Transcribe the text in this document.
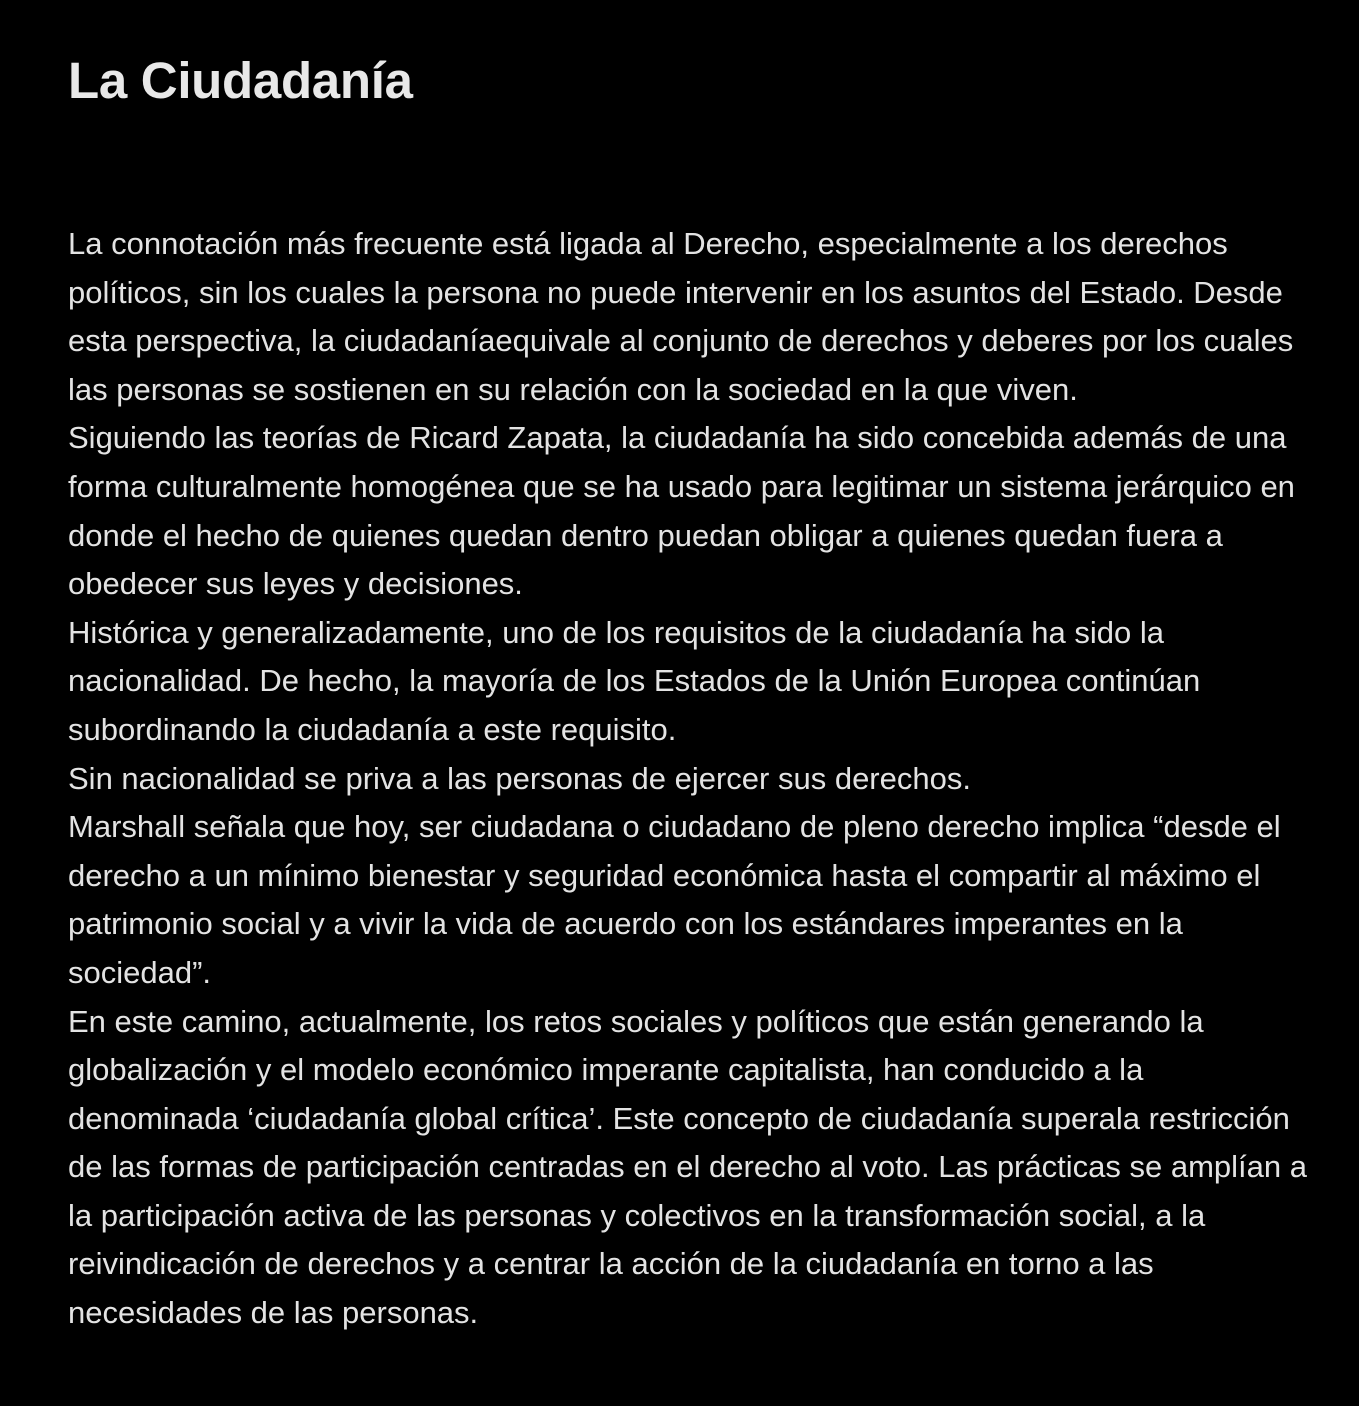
La Ciudadanía

La connotación más frecuente está ligada al Derecho, especialmente a los derechos políticos, sin los cuales la persona no puede intervenir en los asuntos del Estado. Desde esta perspectiva, la ciudadaníaequivale al conjunto de derechos y deberes por los cuales las personas se sostienen en su relación con la sociedad en la que viven.

Siguiendo las teorías de Ricard Zapata, la ciudadanía ha sido concebida además de una forma culturalmente homogénea que se ha usado para legitimar un sistema jerárquico en donde el hecho de quienes quedan dentro puedan obligar a quienes quedan fuera a obedecer sus leyes y decisiones.

Histórica y generalizadamente, uno de los requisitos de la ciudadanía ha sido la nacionalidad. De hecho, la mayoría de los Estados de la Unión Europea continúan subordinando la ciudadanía a este requisito.

Sin nacionalidad se priva a las personas de ejercer sus derechos.

Marshall señala que hoy, ser ciudadana o ciudadano de pleno derecho implica “desde el derecho a un mínimo bienestar y seguridad económica hasta el compartir al máximo el patrimonio social y a vivir la vida de acuerdo con los estándares imperantes en la sociedad”.

En este camino, actualmente, los retos sociales y políticos que están generando la globalización y el modelo económico imperante capitalista, han conducido a la denominada ‘ciudadanía global crítica’. Este concepto de ciudadanía superala restricción de las formas de participación centradas en el derecho al voto. Las prácticas se amplían a la participación activa de las personas y colectivos en la transformación social, a la reivindicación de derechos y a centrar la acción de la ciudadanía en torno a las necesidades de las personas.
